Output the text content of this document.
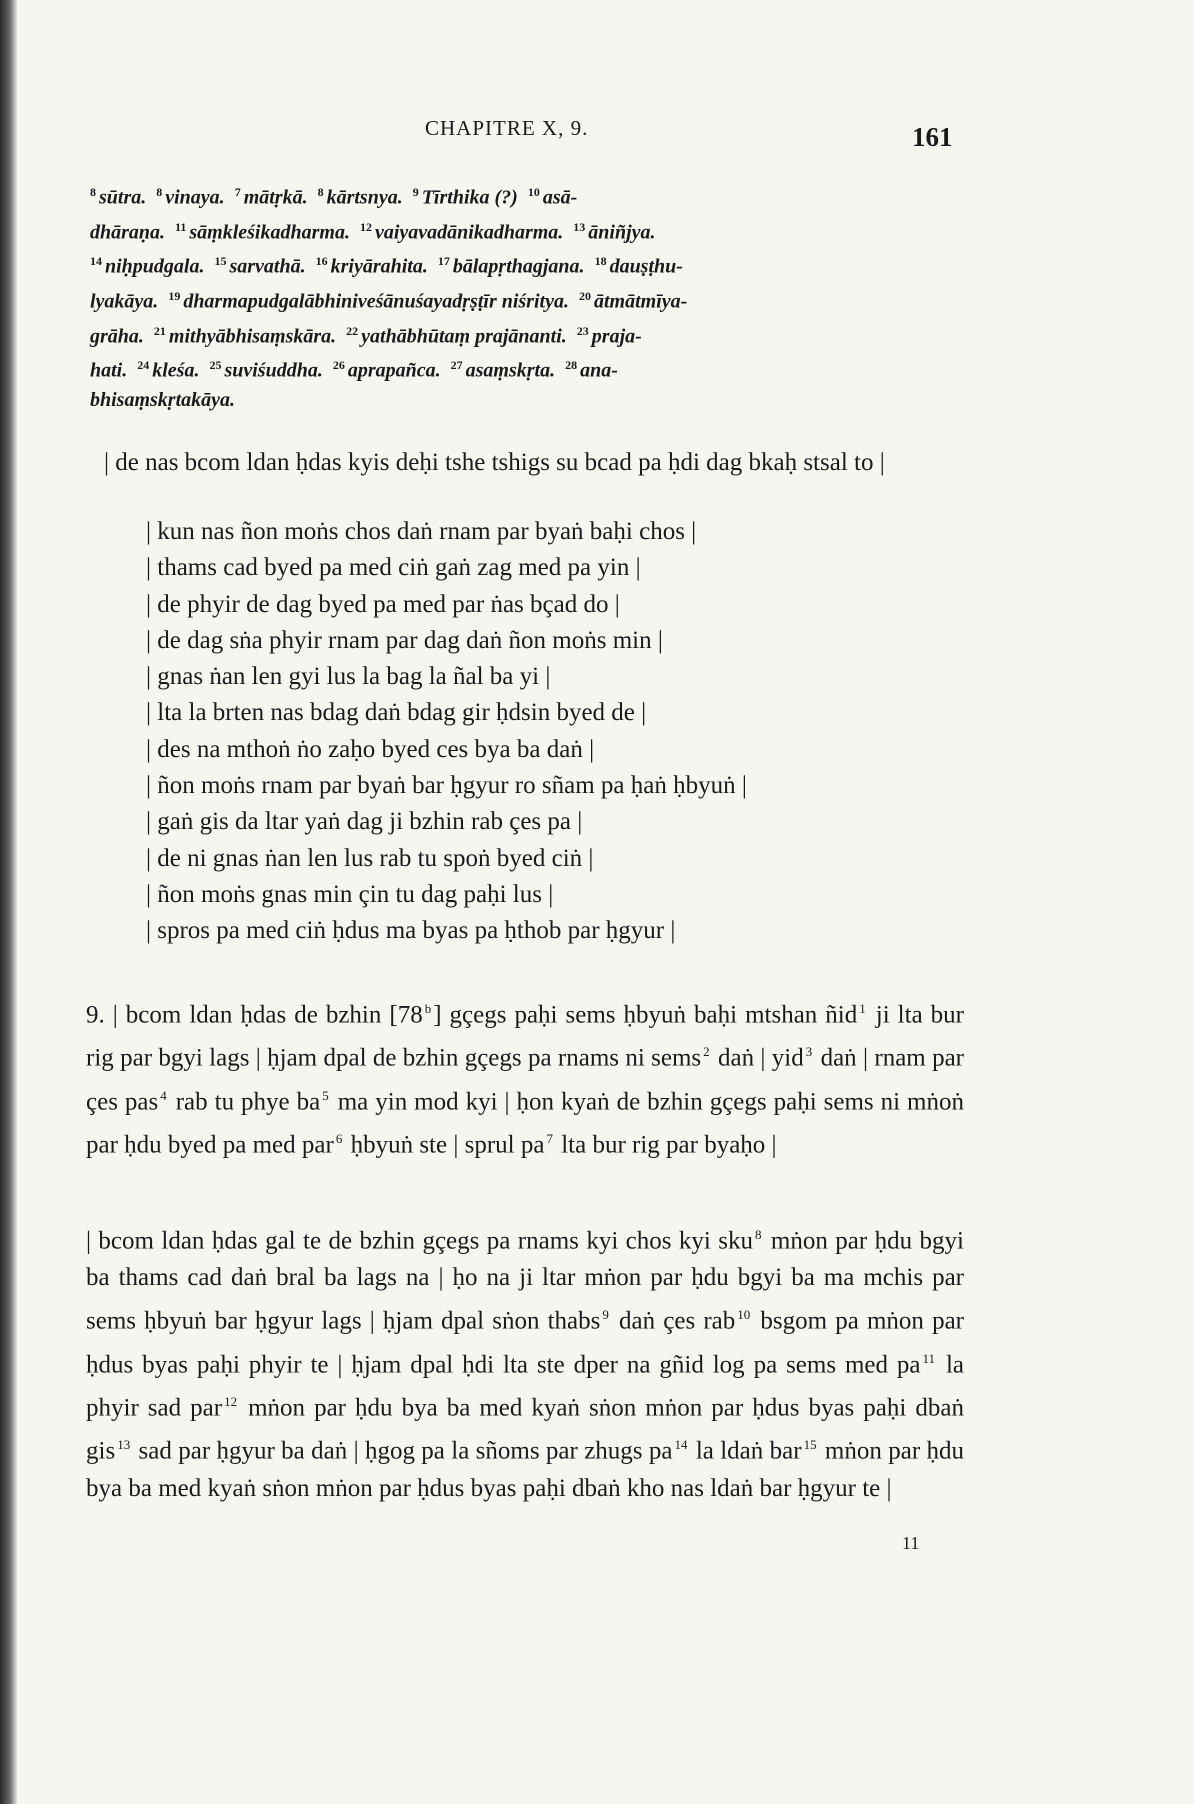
CHAPITRE X, 9.	161

$^8$ sūtra. $^8$ vinaya. $^7$ mātṛkā. $^8$ kārtsnya. $^9$ Tīrthika (?) $^{10}$ asā-

dhāraṇa. $^{11}$ sāṃkleśikadharma. $^{12}$ vaiyavadānikadharma. $^{13}$ āniñjya.

$^{14}$ niḥpudgala. $^{15}$ sarvathā. $^{16}$ kriyārahita. $^{17}$ bālapṛthagjana. $^{18}$ dauṣṭhu-

lyakāya. $^{19}$ dharmapudgalābhiniveśānuśayadṛṣṭīr niśritya. $^{20}$ ātmātmīya-

grāha. $^{21}$ mithyābhisaṃskāra. $^{22}$ yathābhūtaṃ prajānanti. $^{23}$ praja-

hati. $^{24}$ kleśa. $^{25}$ suviśuddha. $^{26}$ aprapañca. $^{27}$ asaṃskṛta. $^{28}$ ana-

bhisaṃskṛtakāya.

| de nas bcom ldan ḥdas kyis deḥi tshe tshigs su bcad pa ḥdi dag bkaḥ stsal to |

| kun nas ñon moṅs chos daṅ rnam par byaṅ baḥi chos |
| thams cad byed pa med ciṅ gaṅ zag med pa yin |
| de phyir de dag byed pa med par ṅas bçad do |
| de dag sṅa phyir rnam par dag daṅ ñon moṅs min |
| gnas ṅan len gyi lus la bag la ñal ba yi |
| lta la brten nas bdag daṅ bdag gir ḥdsin byed de |
| des na mthoṅ ṅo zaḥo byed ces bya ba daṅ |
| ñon moṅs rnam par byaṅ bar ḥgyur ro sñam pa ḥaṅ ḥbyuṅ |
| gaṅ gis da ltar yaṅ dag ji bzhin rab çes pa |
| de ni gnas ṅan len lus rab tu spoṅ byed ciṅ |
| ñon moṅs gnas min çin tu dag paḥi lus |
| spros pa med ciṅ ḥdus ma byas pa ḥthob par ḥgyur |

9. | bcom ldan ḥdas de bzhin [78 $^b$] gçegs paḥi sems ḥbyuṅ baḥi mtshan ñid $^1$ ji lta bur rig par bgyi lags | ḥjam dpal de bzhin gçegs pa rnams ni sems $^2$ daṅ | yid $^3$ daṅ | rnam par çes pas $^4$ rab tu phye ba $^5$ ma yin mod kyi | ḥon kyaṅ de bzhin gçegs paḥi sems ni mṅoṅ par ḥdu byed pa med par $^6$ ḥbyuṅ ste | sprul pa $^7$ lta bur rig par byaḥo |

| bcom ldan ḥdas gal te de bzhin gçegs pa rnams kyi chos kyi sku $^8$ mṅon par ḥdu bgyi ba thams cad daṅ bral ba lags na | ḥo na ji ltar mṅon par ḥdu bgyi ba ma mchis par sems ḥbyuṅ bar ḥgyur lags | ḥjam dpal sṅon thabs $^9$ daṅ çes rab $^{10}$ bsgom pa mṅon par ḥdus byas paḥi phyir te | ḥjam dpal ḥdi lta ste dper na gñid log pa sems med pa $^{11}$ la phyir sad par $^{12}$ mṅon par ḥdu bya ba med kyaṅ sṅon mṅon par ḥdus byas paḥi dbaṅ gis $^{13}$ sad par ḥgyur ba daṅ | ḥgog pa la sñoms par zhugs pa $^{14}$ la ldaṅ bar $^{15}$ mṅon par ḥdu bya ba med kyaṅ sṅon mṅon par ḥdus byas paḥi dbaṅ kho nas ldaṅ bar ḥgyur te |

11
